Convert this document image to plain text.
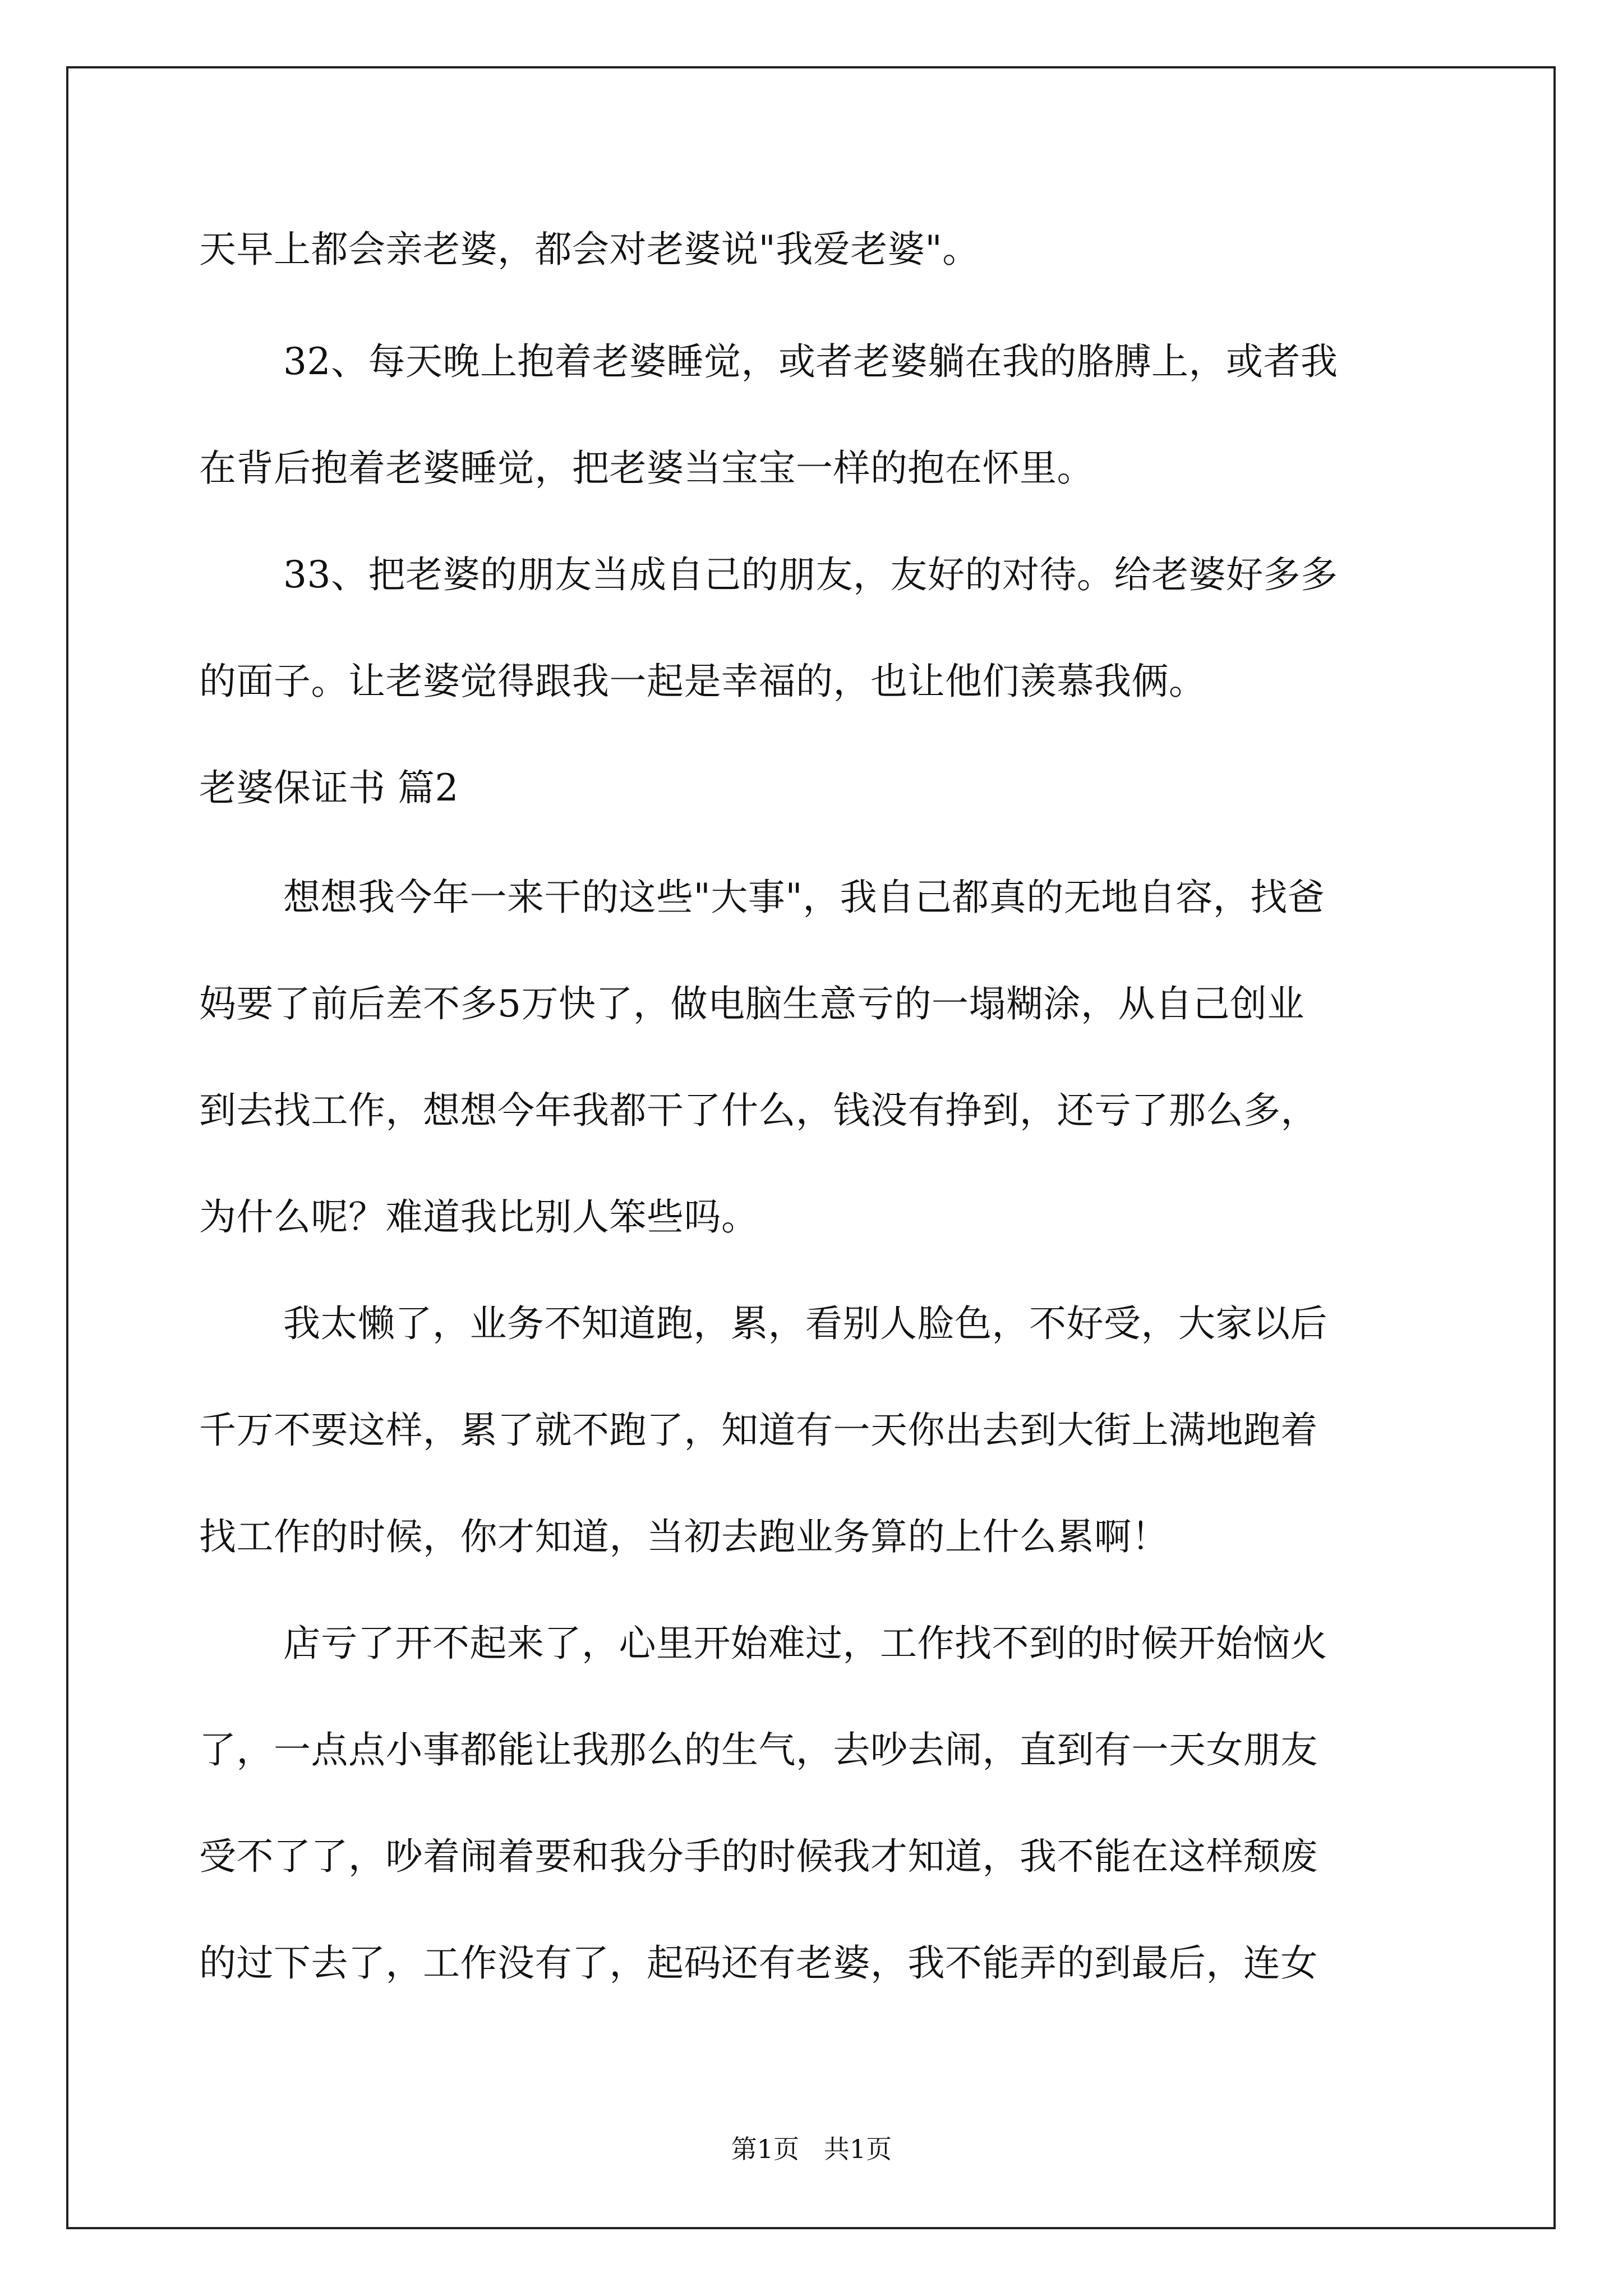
天早上都会亲老婆，都会对老婆说"我爱老婆"。
32、每天晚上抱着老婆睡觉，或者老婆躺在我的胳膊上，或者我
在背后抱着老婆睡觉，把老婆当宝宝一样的抱在怀里。
33、把老婆的朋友当成自己的朋友，友好的对待。给老婆好多多
的面子。让老婆觉得跟我一起是幸福的，也让他们羡慕我俩。
老婆保证书 篇2
想想我今年一来干的这些"大事"，我自己都真的无地自容，找爸
妈要了前后差不多5万快了，做电脑生意亏的一塌糊涂，从自己创业
到去找工作，想想今年我都干了什么，钱没有挣到，还亏了那么多，
为什么呢？难道我比别人笨些吗。
我太懒了，业务不知道跑，累，看别人脸色，不好受，大家以后
千万不要这样，累了就不跑了，知道有一天你出去到大街上满地跑着
找工作的时候，你才知道，当初去跑业务算的上什么累啊！
店亏了开不起来了，心里开始难过，工作找不到的时候开始恼火
了，一点点小事都能让我那么的生气，去吵去闹，直到有一天女朋友
受不了了，吵着闹着要和我分手的时候我才知道，我不能在这样颓废
的过下去了，工作没有了，起码还有老婆，我不能弄的到最后，连女
第1页   共1页
